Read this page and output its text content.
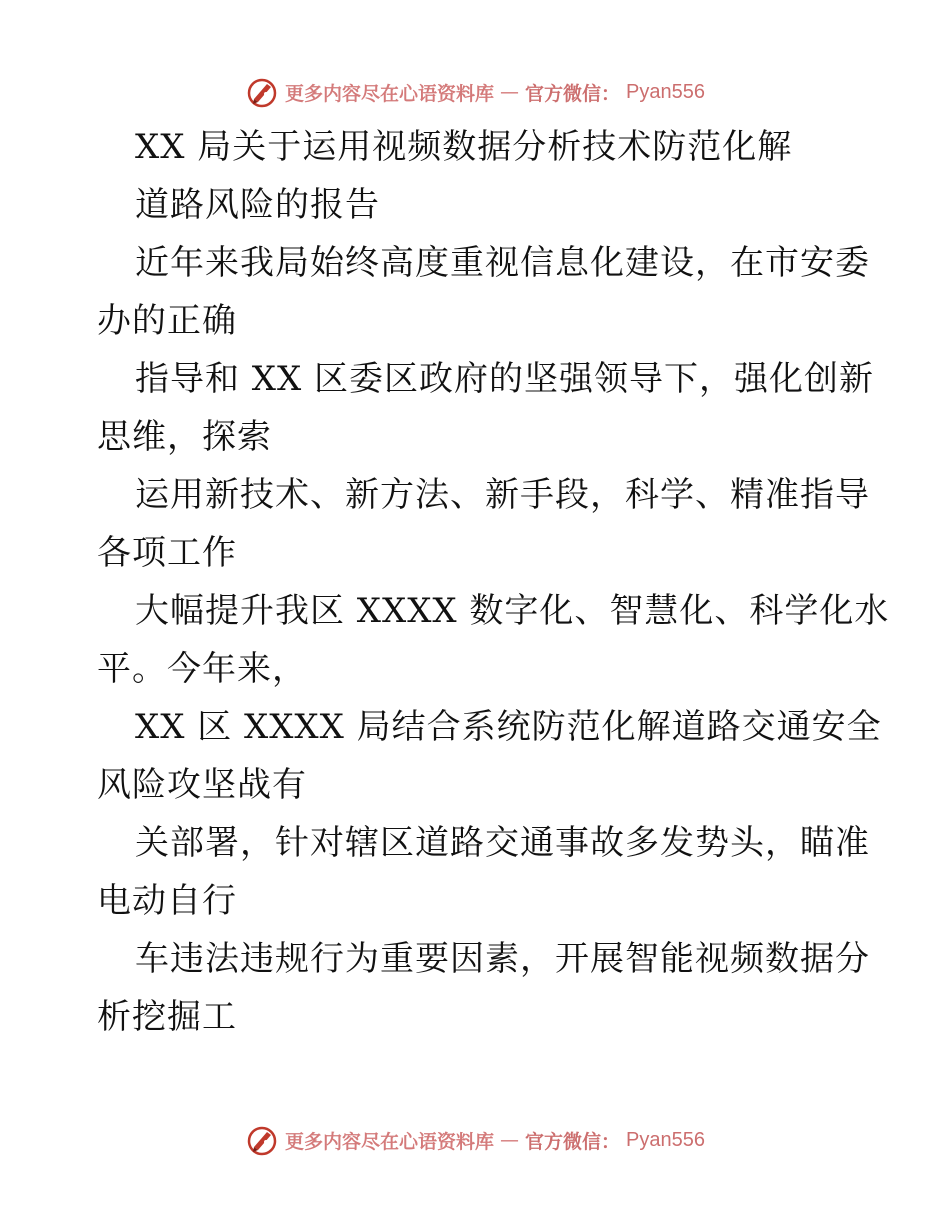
更多内容尽在心语资料库 — 官方微信： Pyan556
XX 局关于运用视频数据分析技术防范化解
道路风险的报告
近年来我局始终高度重视信息化建设，在市安委
办的正确
指导和 XX 区委区政府的坚强领导下，强化创新
思维，探索
运用新技术、新方法、新手段，科学、精准指导
各项工作
大幅提升我区 XXXX 数字化、智慧化、科学化水
平。今年来，
XX 区 XXXX 局结合系统防范化解道路交通安全
风险攻坚战有
关部署，针对辖区道路交通事故多发势头，瞄准
电动自行
车违法违规行为重要因素，开展智能视频数据分
析挖掘工
更多内容尽在心语资料库 — 官方微信： Pyan556
